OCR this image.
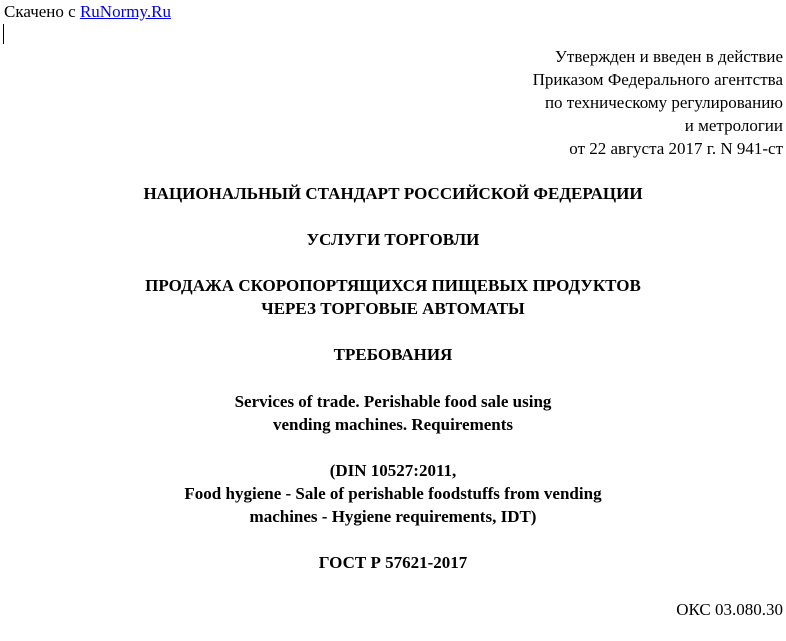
Скачено с RuNormy.Ru
Утвержден и введен в действие
Приказом Федерального агентства
по техническому регулированию
и метрологии
от 22 августа 2017 г. N 941-ст
НАЦИОНАЛЬНЫЙ СТАНДАРТ РОССИЙСКОЙ ФЕДЕРАЦИИ
УСЛУГИ ТОРГОВЛИ
ПРОДАЖА СКОРОПОРТЯЩИХСЯ ПИЩЕВЫХ ПРОДУКТОВ
ЧЕРЕЗ ТОРГОВЫЕ АВТОМАТЫ
ТРЕБОВАНИЯ
Services of trade. Perishable food sale using
vending machines. Requirements
(DIN 10527:2011,
Food hygiene - Sale of perishable foodstuffs from vending
machines - Hygiene requirements, IDT)
ГОСТ Р 57621-2017
ОКС 03.080.30
